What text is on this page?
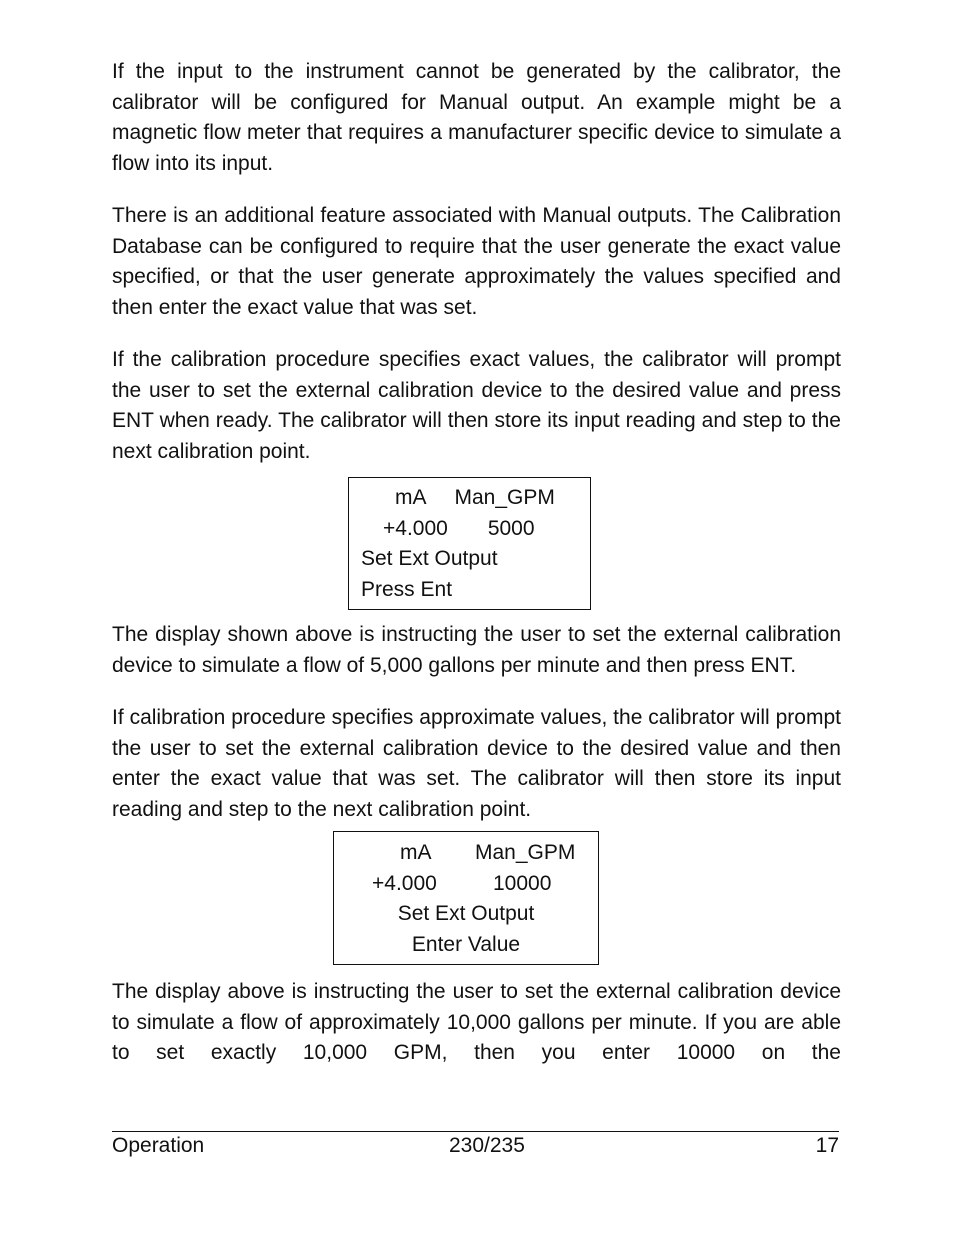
If the input to the instrument cannot be generated by the calibrator, the calibrator will be configured for Manual output. An example might be a magnetic flow meter that requires a manufacturer specific device to simulate a flow into its input.

There is an additional feature associated with Manual outputs. The Calibration Database can be configured to require that the user generate the exact value specified, or that the user generate approximately the values specified and then enter the exact value that was set.

If the calibration procedure specifies exact values, the calibrator will prompt the user to set the external calibration device to the desired value and press ENT when ready. The calibrator will then store its input reading and step to the next calibration point.

mA Man_GPM
+4.000 5000
Set Ext Output
Press Ent

The display shown above is instructing the user to set the external calibration device to simulate a flow of 5,000 gallons per minute and then press ENT.

If calibration procedure specifies approximate values, the calibrator will prompt the user to set the external calibration device to the desired value and then enter the exact value that was set. The calibrator will then store its input reading and step to the next calibration point.

mA Man_GPM
+4.000	10000
Set Ext Output
Enter Value

The display above is instructing the user to set the external calibration device to simulate a flow of approximately 10,000 gallons per minute. If you are able to set exactly 10,000 GPM, then you enter 10000 on the

Operation	230/235	17
